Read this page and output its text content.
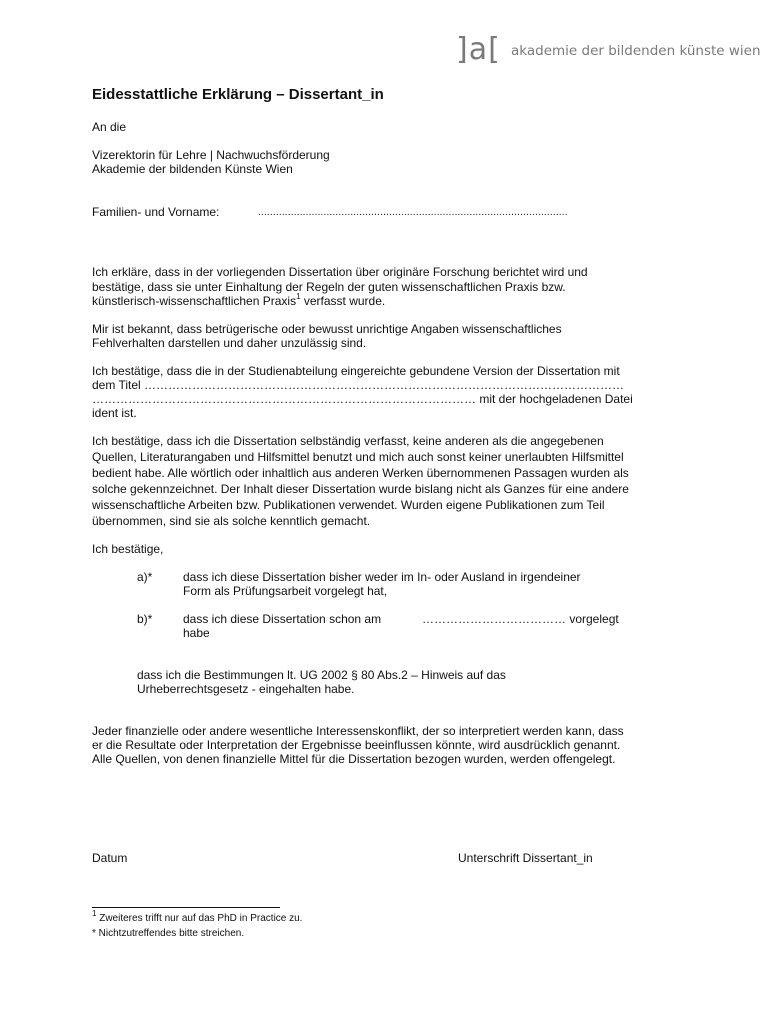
]a[ akademie der bildenden künste wien
Eidesstattliche Erklärung – Dissertant_in

An die

Vizerektorin für Lehre | Nachwuchsförderung

Akademie der bildenden Künste Wien

Familien- und Vorname:	........................................................................................................

Ich erkläre, dass in der vorliegenden Dissertation über originäre Forschung berichtet wird und

bestätige, dass sie unter Einhaltung der Regeln der guten wissenschaftlichen Praxis bzw.

künstlerisch-wissenschaftlichen Praxis$^1$ verfasst wurde.

Mir ist bekannt, dass betrügerische oder bewusst unrichtige Angaben wissenschaftliches

Fehlverhalten darstellen und daher unzulässig sind.

Ich bestätige, dass die in der Studienabteilung eingereichte gebundene Version der Dissertation mit

dem Titel …………………………………………………………………………………………………………

…………………………………………………………………………………… mit der hochgeladenen Datei

ident ist.

Ich bestätige, dass ich die Dissertation selbständig verfasst, keine anderen als die angegebenen

Quellen, Literaturangaben und Hilfsmittel benutzt und mich auch sonst keiner unerlaubten Hilfsmittel

bedient habe. Alle wörtlich oder inhaltlich aus anderen Werken übernommenen Passagen wurden als

solche gekennzeichnet. Der Inhalt dieser Dissertation wurde bislang nicht als Ganzes für eine andere

wissenschaftliche Arbeiten bzw. Publikationen verwendet. Wurden eigene Publikationen zum Teil

übernommen, sind sie als solche kenntlich gemacht.

Ich bestätige,

a)*	dass ich diese Dissertation bisher weder im In- oder Ausland in irgendeiner

Form als Prüfungsarbeit vorgelegt hat,

b)*	dass ich diese Dissertation schon am	……………………………… vorgelegt

habe

dass ich die Bestimmungen lt. UG 2002 § 80 Abs.2 – Hinweis auf das

Urheberrechtsgesetz - eingehalten habe.

Jeder finanzielle oder andere wesentliche Interessenskonflikt, der so interpretiert werden kann, dass

er die Resultate oder Interpretation der Ergebnisse beeinflussen könnte, wird ausdrücklich genannt.

Alle Quellen, von denen finanzielle Mittel für die Dissertation bezogen wurden, werden offengelegt.

Datum	Unterschrift Dissertant_in

$^1$ Zweiteres trifft nur auf das PhD in Practice zu.

* Nichtzutreffendes bitte streichen.
